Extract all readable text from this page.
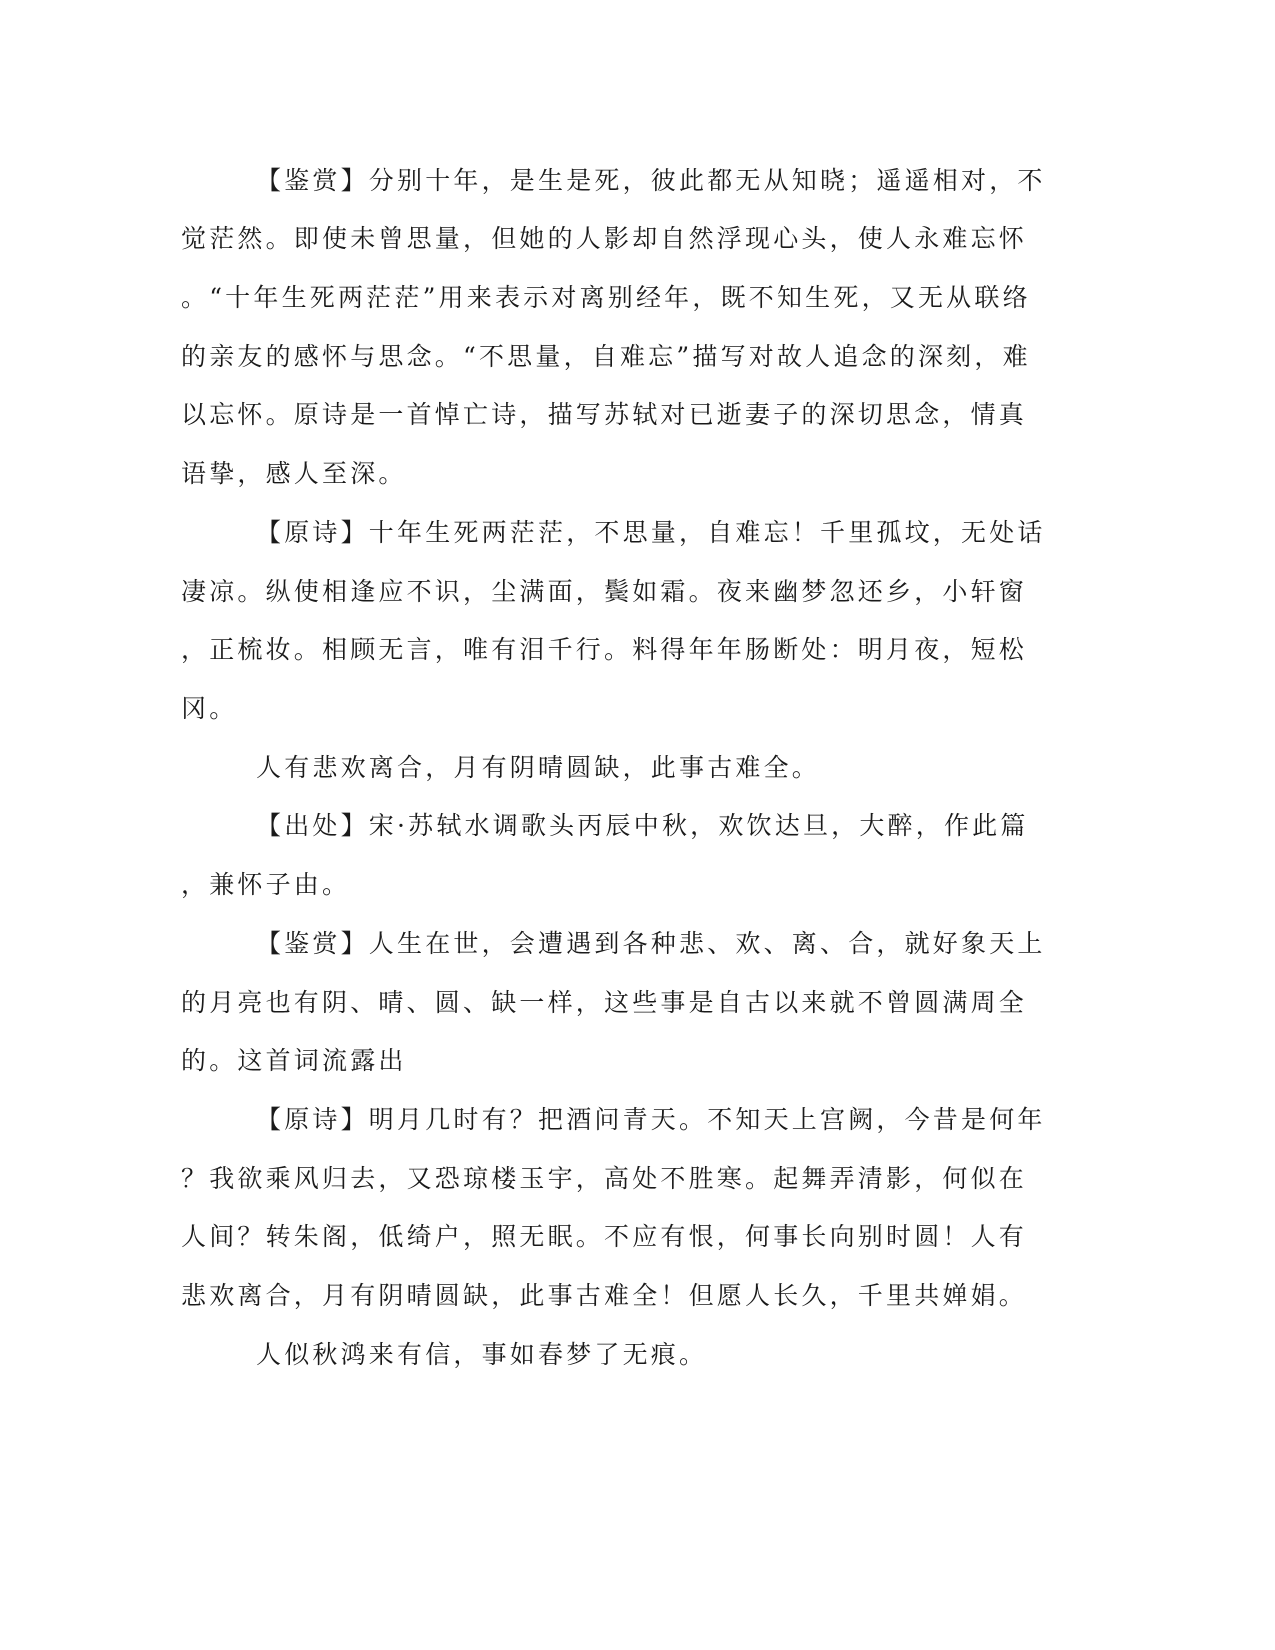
【鉴赏】分别十年，是生是死，彼此都无从知晓；遥遥相对，不
觉茫然。即使未曾思量，但她的人影却自然浮现心头，使人永难忘怀
。“十年生死两茫茫”用来表示对离别经年，既不知生死，又无从联络
的亲友的感怀与思念。“不思量，自难忘”描写对故人追念的深刻，难
以忘怀。原诗是一首悼亡诗，描写苏轼对已逝妻子的深切思念，情真
语挚，感人至深。
【原诗】十年生死两茫茫，不思量，自难忘！千里孤坟，无处话
凄凉。纵使相逢应不识，尘满面，鬓如霜。夜来幽梦忽还乡，小轩窗
，正梳妆。相顾无言，唯有泪千行。料得年年肠断处：明月夜，短松
冈。
人有悲欢离合，月有阴晴圆缺，此事古难全。
【出处】宋·苏轼水调歌头丙辰中秋，欢饮达旦，大醉，作此篇
，兼怀子由。
【鉴赏】人生在世，会遭遇到各种悲、欢、离、合，就好象天上
的月亮也有阴、晴、圆、缺一样，这些事是自古以来就不曾圆满周全
的。这首词流露出
【原诗】明月几时有？把酒问青天。不知天上宫阙，今昔是何年
？我欲乘风归去，又恐琼楼玉宇，高处不胜寒。起舞弄清影，何似在
人间？转朱阁，低绮户，照无眠。不应有恨，何事长向别时圆！人有
悲欢离合，月有阴晴圆缺，此事古难全！但愿人长久，千里共婵娟。
人似秋鸿来有信，事如春梦了无痕。
